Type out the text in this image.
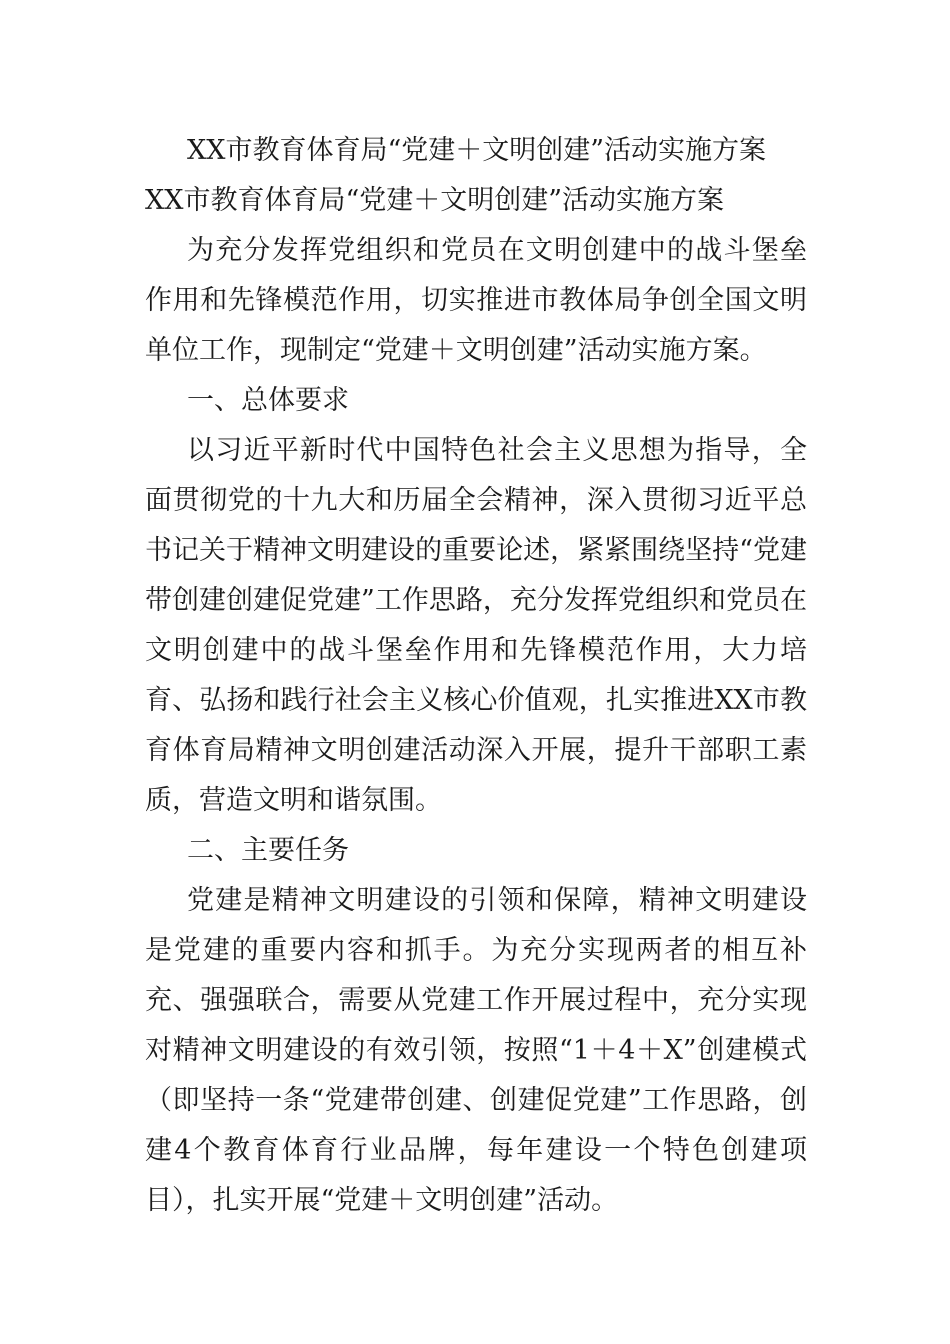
XX市教育体育局“党建＋文明创建”活动实施方案

XX市教育体育局“党建＋文明创建”活动实施方案

为充分发挥党组织和党员在文明创建中的战斗堡垒作用和先锋模范作用，切实推进市教体局争创全国文明单位工作，现制定“党建＋文明创建”活动实施方案。

一、总体要求

以习近平新时代中国特色社会主义思想为指导，全面贯彻党的十九大和历届全会精神，深入贯彻习近平总书记关于精神文明建设的重要论述，紧紧围绕坚持“党建带创建创建促党建”工作思路，充分发挥党组织和党员在文明创建中的战斗堡垒作用和先锋模范作用，大力培育、弘扬和践行社会主义核心价值观，扎实推进XX市教育体育局精神文明创建活动深入开展，提升干部职工素质，营造文明和谐氛围。

二、主要任务

党建是精神文明建设的引领和保障，精神文明建设是党建的重要内容和抓手。为充分实现两者的相互补充、强强联合，需要从党建工作开展过程中，充分实现对精神文明建设的有效引领，按照“1＋4＋X”创建模式（即坚持一条“党建带创建、创建促党建”工作思路，创建4个教育体育行业品牌，每年建设一个特色创建项目），扎实开展“党建＋文明创建”活动。
